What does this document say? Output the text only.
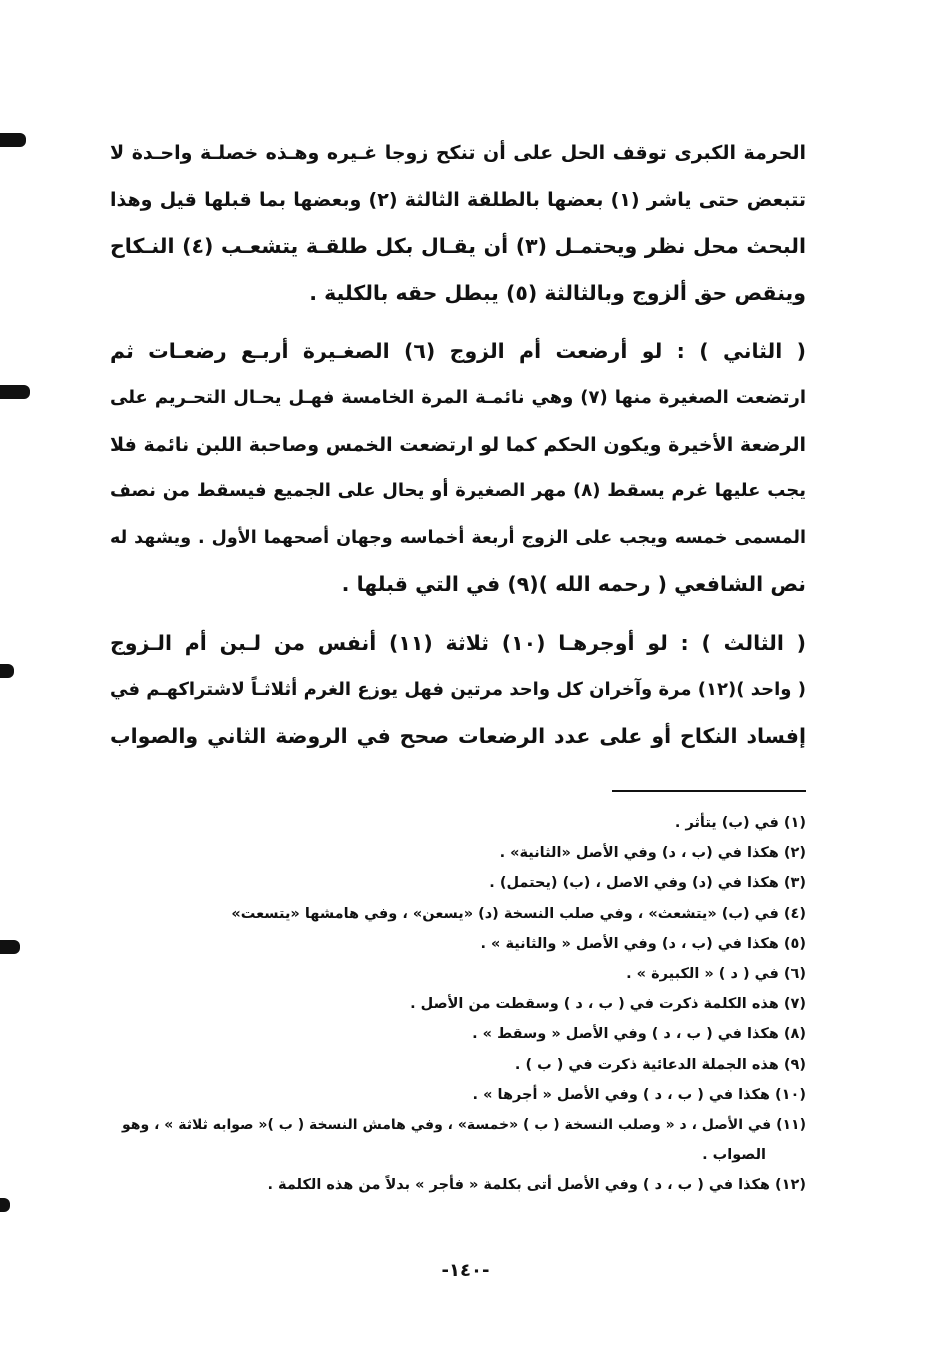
الحرمة الكبرى توقف الحل على أن تنكح زوجا غـيره وهـذه خصلـة واحـدة لا
تتبعض حتى ياشر (١) بعضها بالطلقة الثالثة (٢) وبعضها بما قبلها قيل وهذا
البحث محل نظر ويحتمـل (٣) أن يقـال بكل طلقـة يتشعـب (٤) النـكاح
وينقص حق ألزوج وبالثالثة (٥) يبطل حقه بالكلية .

( الثاني ) : لو أرضعت أم الزوج (٦) الصغـيرة أربـع رضعـات ثم
ارتضعت الصغيرة منها (٧) وهي نائمـة المرة الخامسة فهـل يحـال التحـريم على
الرضعة الأخيرة ويكون الحكم كما لو ارتضعت الخمس وصاحبة اللبن نائمة فلا
يجب عليها غرم يسقط (٨) مهر الصغيرة أو يحال على الجميع فيسقط من نصف
المسمى خمسه ويجب على الزوج أربعة أخماسه وجهان أصحهما الأول . ويشهد له
نص الشافعي ( رحمه الله )(٩) في التي قبلها .

( الثالث ) : لو أوجرهـا (١٠) ثلاثة (١١) أنفس من لـبن أم الـزوج
( واحد )(١٢) مرة وآخران كل واحد مرتين فهل يوزع الغرم أثلاثـاً لاشتراكهـم في
إفساد النكاح أو على عدد الرضعات صحح في الروضة الثاني والصواب

(١) في (ب) يتأثر .
(٢) هكذا في (ب ، د) وفي الأصل «الثانية» .
(٣) هكذا في (د) وفي الاصل ، (ب) (يحتمل) .
(٤) في (ب) «يتشعث» ، وفي صلب النسخة (د) «يسعن» ، وفي هامشها «يتسعت»
(٥) هكذا في (ب ، د) وفي الأصل « والثانية » .
(٦) في ( د ) « الكبيرة » .
(٧) هذه الكلمة ذكرت في ( ب ، د ) وسقطت من الأصل .
(٨) هكذا في ( ب ، د ) وفي الأصل « وسقط » .
(٩) هذه الجملة الدعائية ذكرت في ( ب ) .
(١٠) هكذا في ( ب ، د ) وفي الأصل « أجرها » .
(١١) في الأصل ، د « وصلب النسخة ( ب ) «خمسة» ، وفي هامش النسخة ( ب )« صوابه ثلاثة » ، وهو
الصواب .
(١٢) هكذا في ( ب ، د ) وفي الأصل أتى بكلمة « فأجر » بدلاً من هذه الكلمة .
-١٤٠-
